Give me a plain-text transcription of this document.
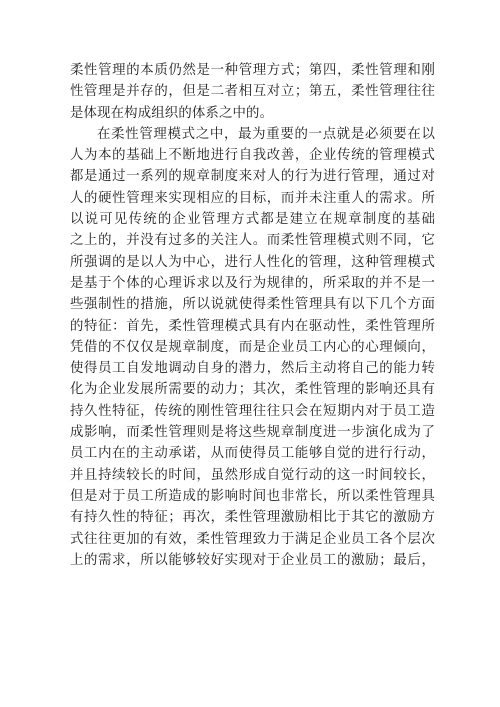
柔性管理的本质仍然是一种管理方式；第四，柔性管理和刚
性管理是并存的，但是二者相互对立；第五，柔性管理往往
是体现在构成组织的体系之中的。
在柔性管理模式之中，最为重要的一点就是必须要在以
人为本的基础上不断地进行自我改善，企业传统的管理模式
都是通过一系列的规章制度来对人的行为进行管理，通过对
人的硬性管理来实现相应的目标，而并未注重人的需求。所
以说可见传统的企业管理方式都是建立在规章制度的基础
之上的，并没有过多的关注人。而柔性管理模式则不同，它
所强调的是以人为中心，进行人性化的管理，这种管理模式
是基于个体的心理诉求以及行为规律的，所采取的并不是一
些强制性的措施，所以说就使得柔性管理具有以下几个方面
的特征：首先，柔性管理模式具有内在驱动性，柔性管理所
凭借的不仅仅是规章制度，而是企业员工内心的心理倾向，
使得员工自发地调动自身的潜力，然后主动将自己的能力转
化为企业发展所需要的动力；其次，柔性管理的影响还具有
持久性特征，传统的刚性管理往往只会在短期内对于员工造
成影响，而柔性管理则是将这些规章制度进一步演化成为了
员工内在的主动承诺，从而使得员工能够自觉的进行行动，
并且持续较长的时间，虽然形成自觉行动的这一时间较长，
但是对于员工所造成的影响时间也非常长，所以柔性管理具
有持久性的特征；再次，柔性管理激励相比于其它的激励方
式往往更加的有效，柔性管理致力于满足企业员工各个层次
上的需求，所以能够较好实现对于企业员工的激励；最后，
